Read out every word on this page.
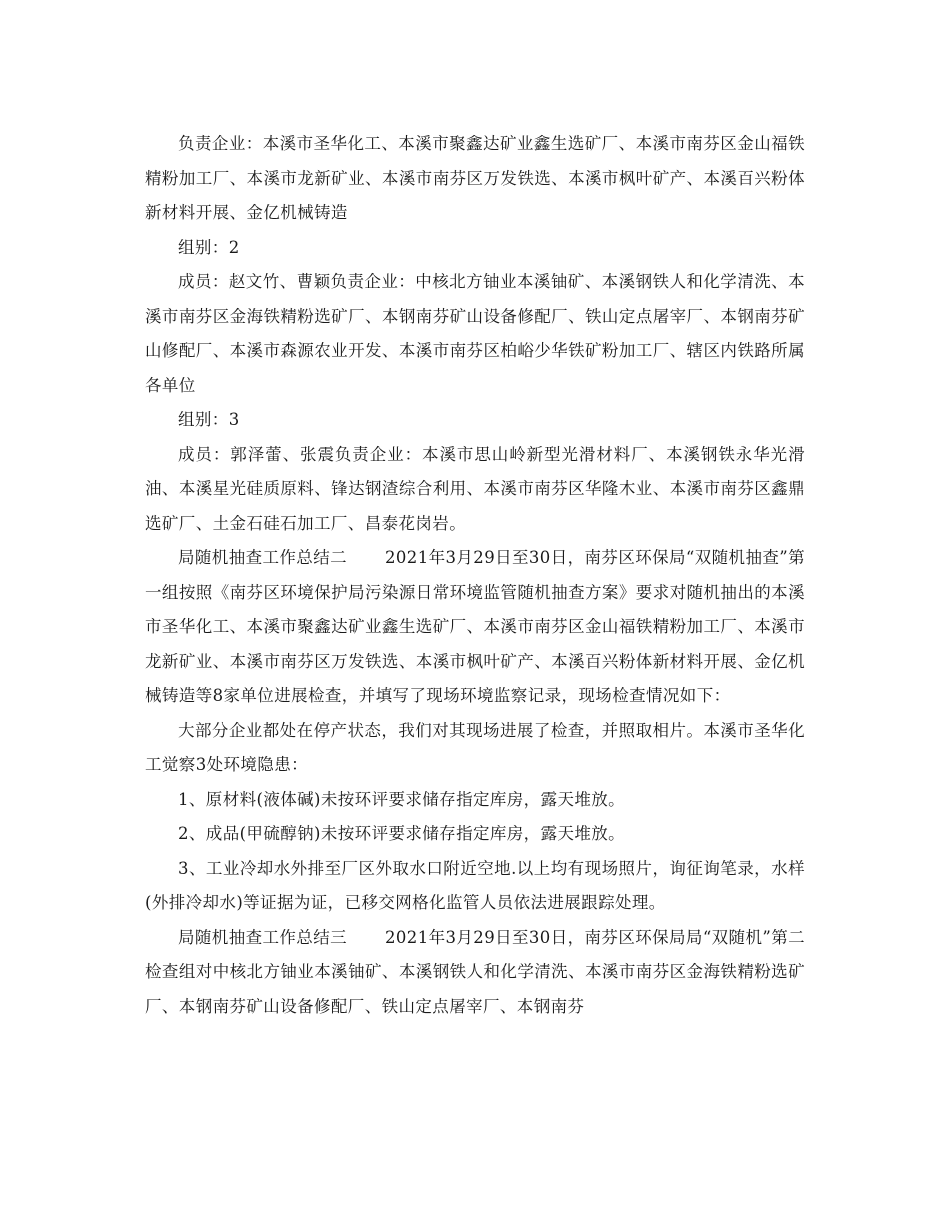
负责企业：本溪市圣华化工、本溪市聚鑫达矿业鑫生选矿厂、本溪市南芬区金山福铁精粉加工厂、本溪市龙新矿业、本溪市南芬区万发铁选、本溪市枫叶矿产、本溪百兴粉体新材料开展、金亿机械铸造

组别：2

成员：赵文竹、曹颖负责企业：中核北方铀业本溪铀矿、本溪钢铁人和化学清洗、本溪市南芬区金海铁精粉选矿厂、本钢南芬矿山设备修配厂、铁山定点屠宰厂、本钢南芬矿山修配厂、本溪市森源农业开发、本溪市南芬区柏峪少华铁矿粉加工厂、辖区内铁路所属各单位

组别：3

成员：郭泽蕾、张震负责企业：本溪市思山岭新型光滑材料厂、本溪钢铁永华光滑油、本溪星光硅质原料、锋达钢渣综合利用、本溪市南芬区华隆木业、本溪市南芬区鑫鼎选矿厂、土金石硅石加工厂、昌泰花岗岩。

局随机抽查工作总结二 2021年3月29日至30日，南芬区环保局“双随机抽查”第一组按照《南芬区环境保护局污染源日常环境监管随机抽查方案》要求对随机抽出的本溪市圣华化工、本溪市聚鑫达矿业鑫生选矿厂、本溪市南芬区金山福铁精粉加工厂、本溪市龙新矿业、本溪市南芬区万发铁选、本溪市枫叶矿产、本溪百兴粉体新材料开展、金亿机械铸造等8家单位进展检查，并填写了现场环境监察记录，现场检查情况如下：

大部分企业都处在停产状态，我们对其现场进展了检查，并照取相片。本溪市圣华化工觉察3处环境隐患：

1、原材料(液体碱)未按环评要求储存指定库房，露天堆放。

2、成品(甲硫醇钠)未按环评要求储存指定库房，露天堆放。

3、工业冷却水外排至厂区外取水口附近空地.以上均有现场照片，询征询笔录，水样(外排冷却水)等证据为证，已移交网格化监管人员依法进展跟踪处理。

局随机抽查工作总结三 2021年3月29日至30日，南芬区环保局局“双随机”第二检查组对中核北方铀业本溪铀矿、本溪钢铁人和化学清洗、本溪市南芬区金海铁精粉选矿厂、本钢南芬矿山设备修配厂、铁山定点屠宰厂、本钢南芬
